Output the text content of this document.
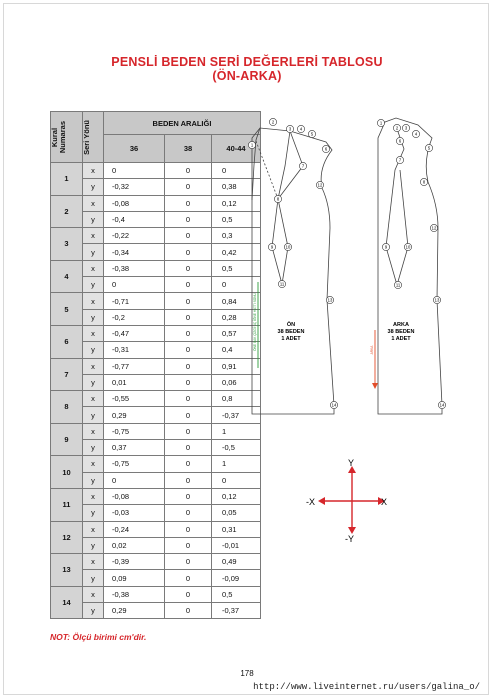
PENSLİ BEDEN SERİ DEĞERLERİ TABLOSU
(ÖN-ARKA)
Kural
Numaras	Seri Yönü	BEDEN ARALIĞI		
		36	38	40-44
1	x	0	0	0
	y	-0,32	0	0,38
2	x	-0,08	0	0,12
	y	-0,4	0	0,5
3	x	-0,22	0	0,3
	y	-0,34	0	0,42
4	x	-0,38	0	0,5
	y	0	0	0
5	x	-0,71	0	0,84
	y	-0,2	0	0,28
6	x	-0,47	0	0,57
	y	-0,31	0	0,4
7	x	-0,77	0	0,91
	y	0,01	0	0,06
8	x	-0,55	0	0,8
	y	0,29	0	-0,37
9	x	-0,75	0	1
	y	0,37	0	-0,5
10	x	-0,75	0	1
	y	0	0	0
11	x	-0,08	0	0,12
	y	-0,03	0	0,05
12	x	-0,24	0	0,31
	y	0,02	0	-0,01
13	x	-0,39	0	0,49
	y	0,09	0	-0,09
14	x	-0,38	0	0,5
	y	0,29	0	-0,37
ÖNE BAK ÇİZGİ UÇ İĞNE HATTI SONU	ARKA
ÖN 38 BEDEN 1 ADET
ARKA 38 BEDEN 1 ADET
1
2
3 4
5
6
7
8
9	10
11
12
13
14
1
2 3
4
5
6
7
8
9	10
11
12
13
14
Y
-Y
X
-X
NOT: Ölçü birimi cm'dir.
178
http://www.liveinternet.ru/users/galina_o/
